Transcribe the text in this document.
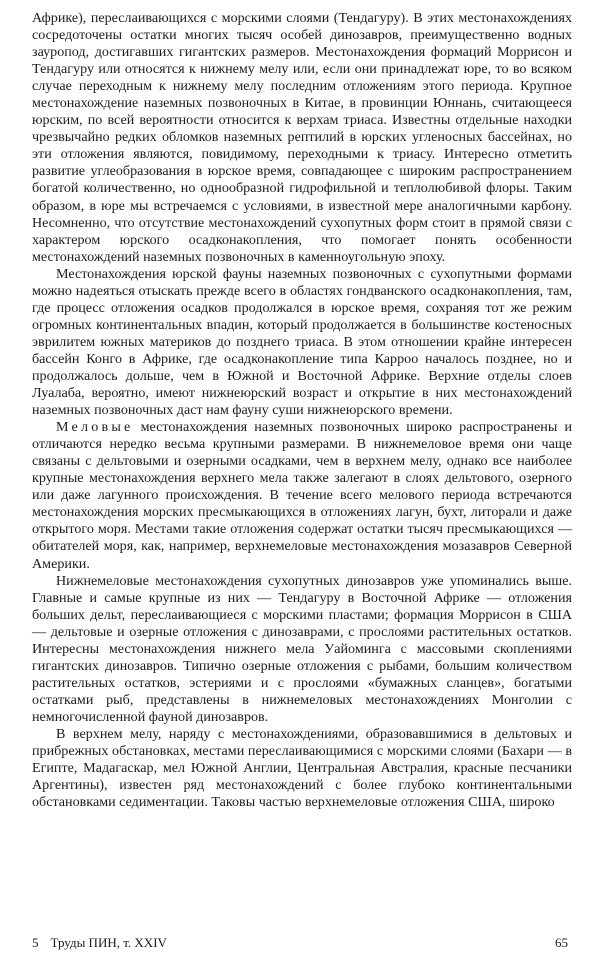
Африке), переслаивающихся с морскими слоями (Тендагуру). В этих местонахождениях сосредоточены остатки многих тысяч особей динозавров, преимущественно водных зауропод, достигавших гигантских размеров. Местонахождения формаций Моррисон и Тендагуру или относятся к нижнему мелу или, если они принадлежат юре, то во всяком случае переходным к нижнему мелу последним отложениям этого периода. Крупное местонахождение наземных позвоночных в Китае, в провинции Юннань, считающееся юрским, по всей вероятности относится к верхам триаса. Известны отдельные находки чрезвычайно редких обломков наземных рептилий в юрских угленосных бассейнах, но эти отложения являются, повидимому, переходными к триасу. Интересно отметить развитие углеобразования в юрское время, совпадающее с широким распространением богатой количественно, но однообразной гидрофильной и теплолюбивой флоры. Таким образом, в юре мы встречаемся с условиями, в известной мере аналогичными карбону. Несомненно, что отсутствие местонахождений сухопутных форм стоит в прямой связи с характером юрского осадконакопления, что помогает понять особенности местонахождений наземных позвоночных в каменноугольную эпоху.

Местонахождения юрской фауны наземных позвоночных с сухопутными формами можно надеяться отыскать прежде всего в областях гондванского осадконакопления, там, где процесс отложения осадков продолжался в юрское время, сохраняя тот же режим огромных континентальных впадин, который продолжается в большинстве костеносных эврилитем южных материков до позднего триаса. В этом отношении крайне интересен бассейн Конго в Африке, где осадконакопление типа Карроо началось позднее, но и продолжалось дольше, чем в Южной и Восточной Африке. Верхние отделы слоев Луалаба, вероятно, имеют нижнеюрский возраст и открытие в них местонахождений наземных позвоночных даст нам фауну суши нижнеюрского времени.

Меловые местонахождения наземных позвоночных широко распространены и отличаются нередко весьма крупными размерами. В нижнемеловое время они чаще связаны с дельтовыми и озерными осадками, чем в верхнем мелу, однако все наиболее крупные местонахождения верхнего мела также залегают в слоях дельтового, озерного или даже лагунного происхождения. В течение всего мелового периода встречаются местонахождения морских пресмыкающихся в отложениях лагун, бухт, литорали и даже открытого моря. Местами такие отложения содержат остатки тысяч пресмыкающихся — обитателей моря, как, например, верхнемеловые местонахождения мозазавров Северной Америки.

Нижнемеловые местонахождения сухопутных динозавров уже упоминались выше. Главные и самые крупные из них — Тендагуру в Восточной Африке — отложения больших дельт, переслаивающиеся с морскими пластами; формация Моррисон в США — дельтовые и озерные отложения с динозаврами, с прослоями растительных остатков. Интересны местонахождения нижнего мела Уайоминга с массовыми скоплениями гигантских динозавров. Типично озерные отложения с рыбами, большим количеством растительных остатков, эстериями и с прослоями «бумажных сланцев», богатыми остатками рыб, представлены в нижнемеловых местонахождениях Монголии с немногочисленной фауной динозавров.

В верхнем мелу, наряду с местонахождениями, образовавшимися в дельтовых и прибрежных обстановках, местами переслаивающимися с морскими слоями (Бахари — в Египте, Мадагаскар, мел Южной Англии, Центральная Австралия, красные песчаники Аргентины), известен ряд местонахождений с более глубоко континентальными обстановками седиментации. Таковы частью верхнемеловые отложения США, широко

5 Труды ПИН, т. XXIV	65
